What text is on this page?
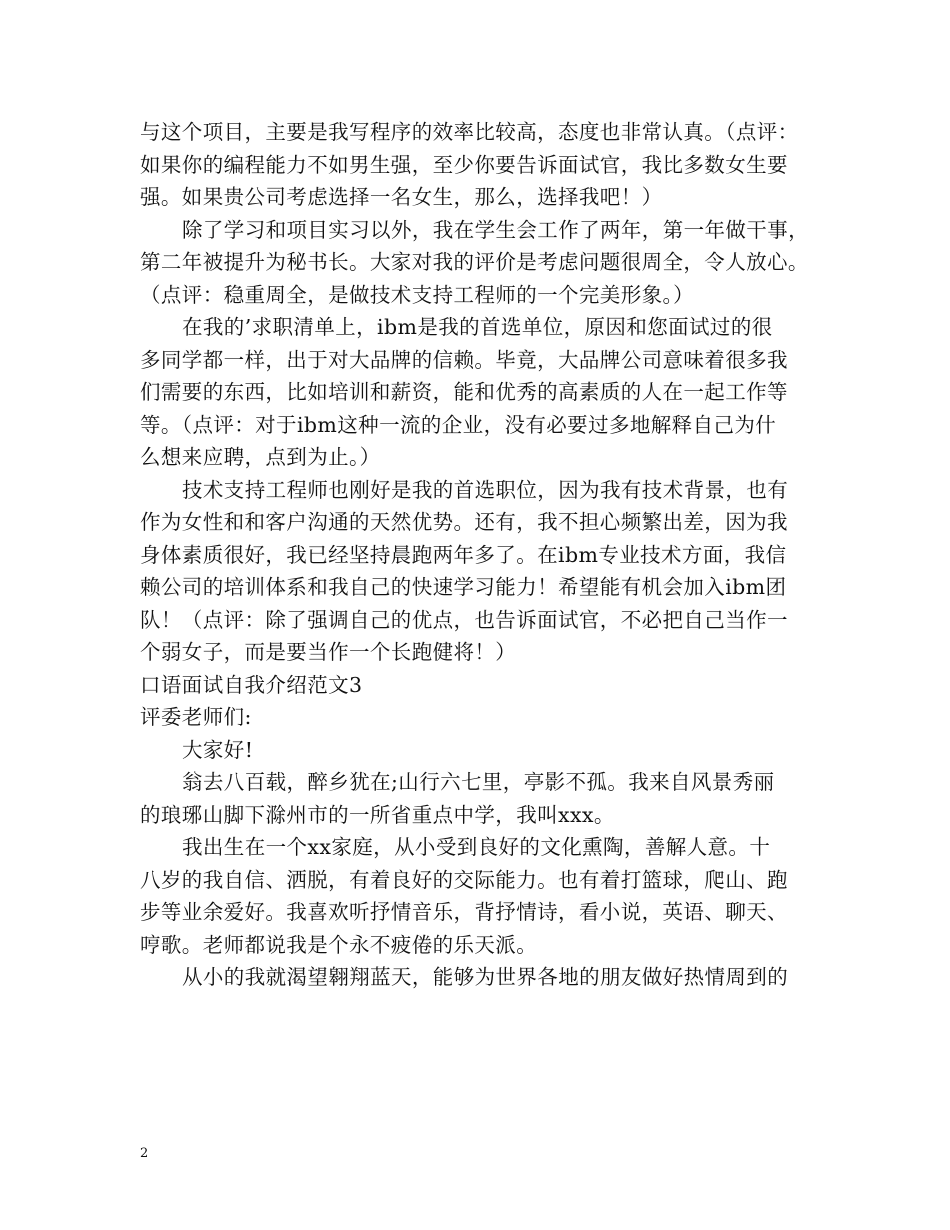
与这个项目，主要是我写程序的效率比较高，态度也非常认真。（点评：
如果你的编程能力不如男生强，至少你要告诉面试官，我比多数女生要
强。如果贵公司考虑选择一名女生，那么，选择我吧！）
除了学习和项目实习以外，我在学生会工作了两年，第一年做干事，
第二年被提升为秘书长。大家对我的评价是考虑问题很周全，令人放心。
（点评：稳重周全，是做技术支持工程师的一个完美形象。）
在我的’求职清单上，ibm是我的首选单位，原因和您面试过的很
多同学都一样，出于对大品牌的信赖。毕竟，大品牌公司意味着很多我
们需要的东西，比如培训和薪资，能和优秀的高素质的人在一起工作等
等。（点评：对于ibm这种一流的企业，没有必要过多地解释自己为什
么想来应聘，点到为止。）
技术支持工程师也刚好是我的首选职位，因为我有技术背景，也有
作为女性和和客户沟通的天然优势。还有，我不担心频繁出差，因为我
身体素质很好，我已经坚持晨跑两年多了。在ibm专业技术方面，我信
赖公司的培训体系和我自己的快速学习能力！希望能有机会加入ibm团
队！（点评：除了强调自己的优点，也告诉面试官，不必把自己当作一
个弱女子，而是要当作一个长跑健将！）
口语面试自我介绍范文3
评委老师们:
大家好!
翁去八百载，醉乡犹在;山行六七里，亭影不孤。我来自风景秀丽
的琅琊山脚下滁州市的一所省重点中学，我叫xxx。
我出生在一个xx家庭，从小受到良好的文化熏陶，善解人意。十
八岁的我自信、洒脱，有着良好的交际能力。也有着打篮球，爬山、跑
步等业余爱好。我喜欢听抒情音乐，背抒情诗，看小说，英语、聊天、
哼歌。老师都说我是个永不疲倦的乐天派。
从小的我就渴望翱翔蓝天，能够为世界各地的朋友做好热情周到的
2
